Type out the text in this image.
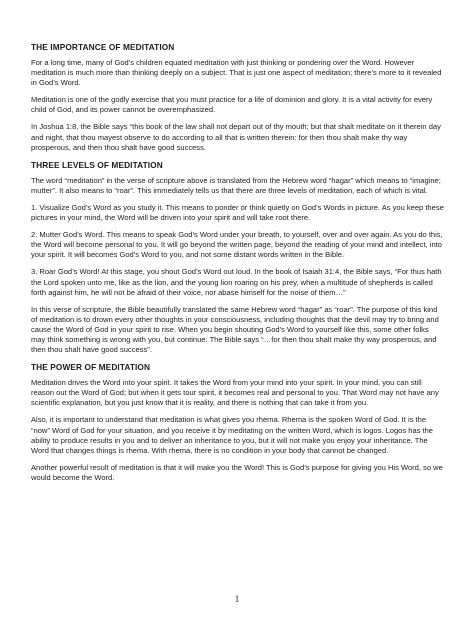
THE IMPORTANCE OF MEDITATION

For a long time, many of God’s children equated meditation with just thinking or pondering over the Word. However meditation is much more than thinking deeply on a subject. That is just one aspect of meditation; there’s more to it revealed in God’s Word.

Meditation is one of the godly exercise that you must practice for a life of dominion and glory. It is a vital activity for every child of God, and its power cannot be overemphasized.

In Joshua 1:8, the Bible says “this book of the law shall not depart out of thy mouth; but that shalt meditate on it therein day and night, that thou mayest observe to do according to all that is written therein: for then thou shalt make thy way prosperous, and then thou shalt have good success.

THREE LEVELS OF MEDITATION

The word “meditation” in the verse of scripture above is translated from the Hebrew word “hagar” which means to “imagine; mutter”. It also means to “roar”. This immediately tells us that there are three levels of meditation, each of which is vital.

1. Visualize God’s Word as you study it. This means to ponder or think quietly on God’s Words in picture. As you keep these pictures in your mind, the Word will be driven into your spirit and will take root there.

2. Mutter God’s Word. This means to speak God’s Word under your breath, to yourself, over and over again. As you do this, the Word will become personal to you. It will go beyond the written page, beyond the reading of your mind and intellect, into your spirit. It will becomes God’s Word to you, and not some distant words written in the Bible.

3. Roar God’s Word! At this stage, you shout God’s Word out loud. In the book of Isaiah 31:4, the Bible says, “For thus hath the Lord spoken unto me, like as the lion, and the young lion roaring on his prey, when a multitude of shepherds is called forth against him, he will not be afraid of their voice, nor abase himself for the noise of them…”

In this verse of scripture, the Bible beautifully translated the same Hebrew word “hagar” as “roar”. The purpose of this kind of meditation is to drown every other thoughts in your consciousness, including thoughts that the devil may try to bring and cause the Word of God in your spirit to rise. When you begin shouting God’s Word to yourself like this, some other folks may think something is wrong with you, but continue. The Bible says “…for then thou shalt make thy way prosperous, and then thou shalt have good success”.

THE POWER OF MEDITATION

Meditation drives the Word into your spirit. It takes the Word from your mind into your spirit. In your mind, you can still reason out the Word of God; but when it gets tour spirit, it becomes real and personal to you. That Word may not have any scientific explanation, but you just know that it is reality, and there is nothing that can take it from you.

Also, it is important to understand that meditation is what gives you rhema. Rhema is the spoken Word of God. It is the “now” Word of God for your situation, and you receive it by meditating on the written Word, which is logos. Logos has the ability to produce results in you and to deliver an inheritance to you, but it will not make you enjoy your inheritance. The Word that changes things is rhema. With rhema, there is no condition in your body that cannot be changed.

Another powerful result of meditation is that it will make you the Word! This is God’s purpose for giving you His Word, so we would become the Word.

1
